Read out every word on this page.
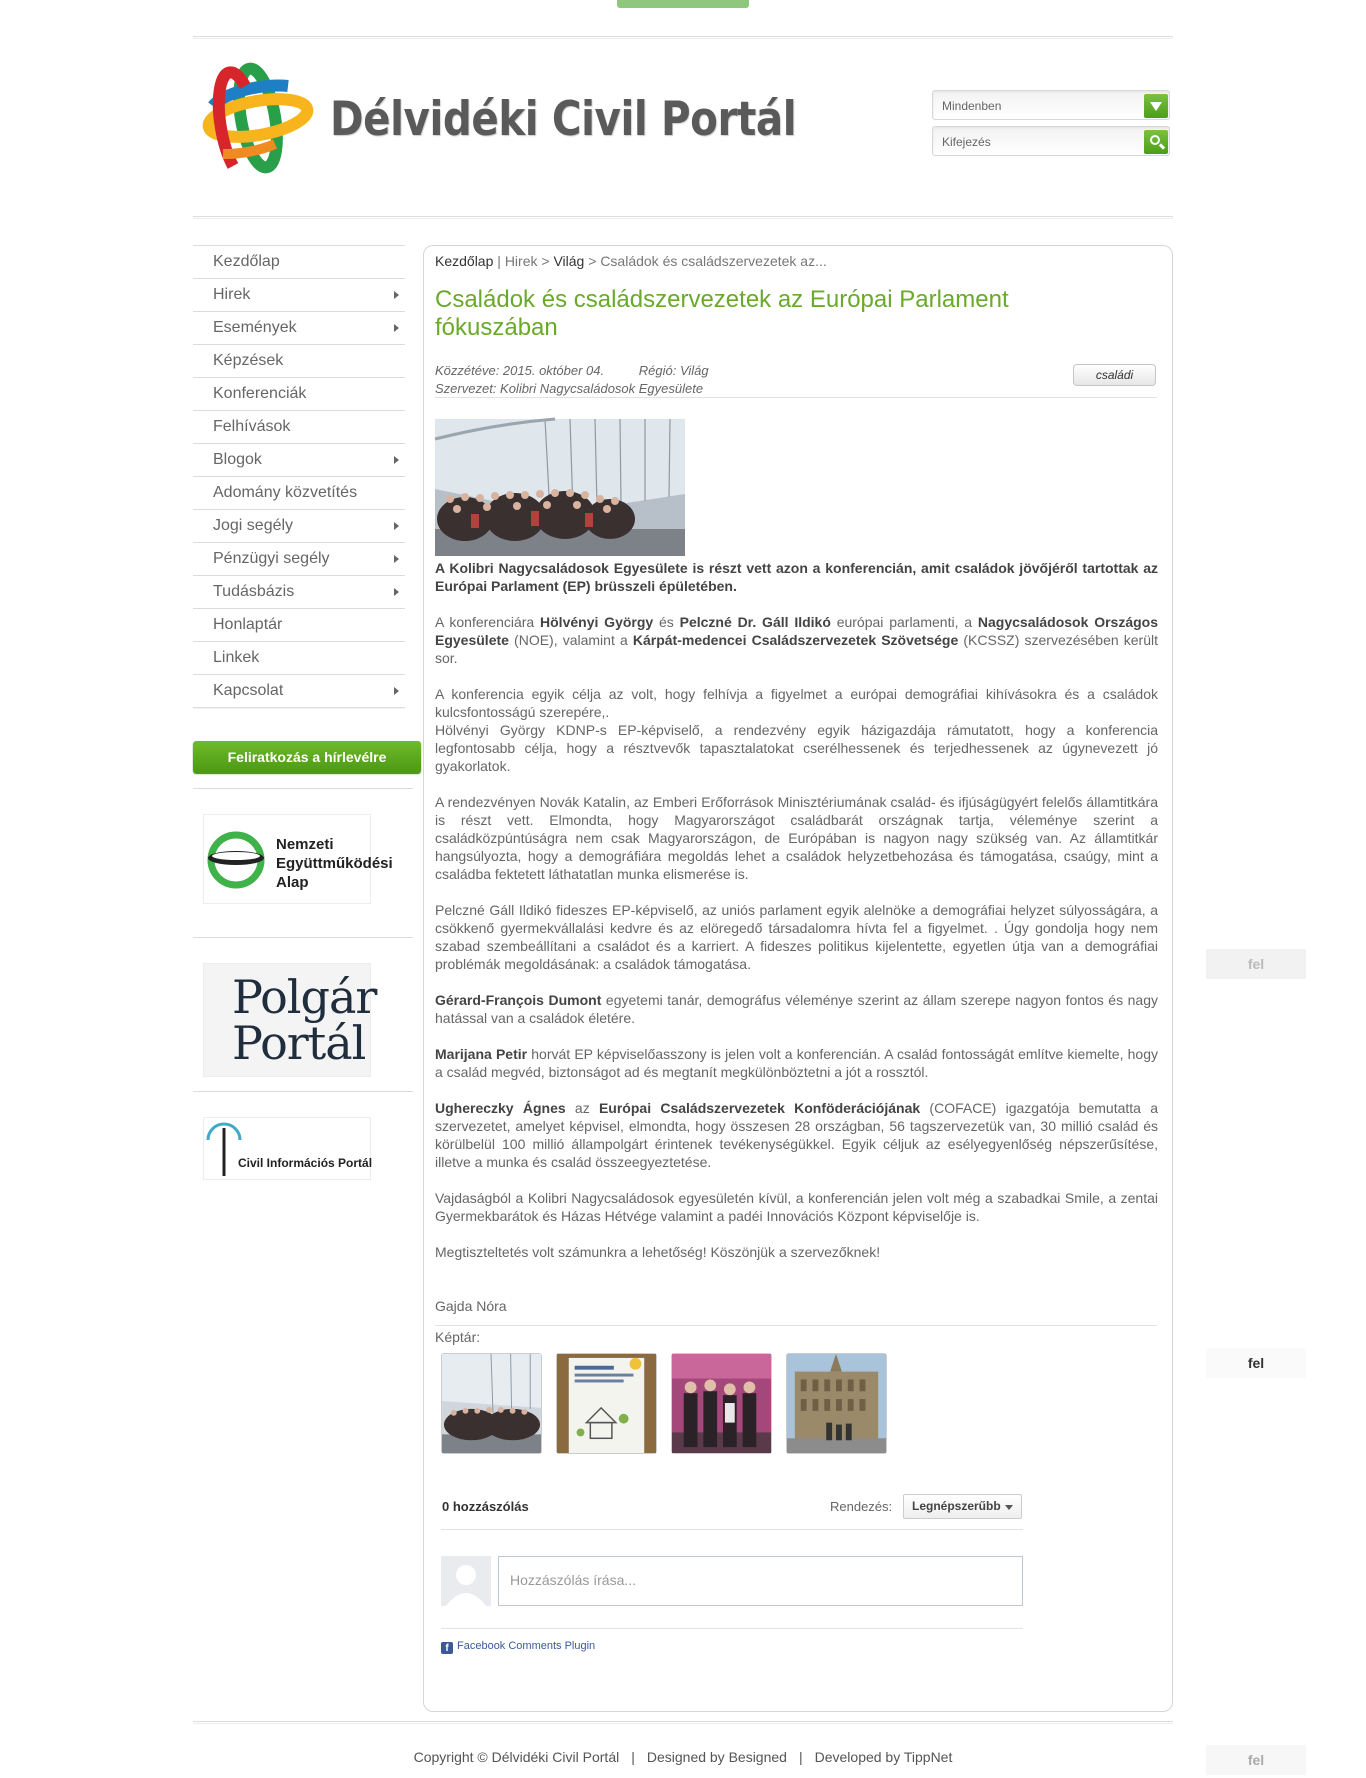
Délvidéki Civil Portál	Mindenben
Kifejezés
Kezdőlap
Hirek
Események
Képzések
Konferenciák
Felhívások
Blogok
Adomány közvetítés
Jogi segély
Pénzügyi segély
Tudásbázis
Honlaptár
Linkek
Kapcsolat
Feliratkozás a hírlevélre
Nemzeti
Együttműködési
Alap
Polgár
Portál
Civil Információs Portál
Kezdőlap | Hirek > Világ > Családok és családszervezetek az...
Családok és családszervezetek az Európai Parlament fókuszában
Közzétéve: 2015. október 04.	Régió: Világ
Szervezet: Kolibri Nagycsaládosok Egyesülete
családi

A Kolibri Nagycsaládosok Egyesülete is részt vett azon a konferencián, amit családok jövőjéről tartottak az Európai Parlament (EP) brüsszeli épületében.

A konferenciára Hölvényi György és Pelczné Dr. Gáll Ildikó európai parlamenti, a Nagycsaládosok Országos Egyesülete (NOE), valamint a Kárpát-medencei Családszervezetek Szövetsége (KCSSZ) szervezésében került sor.

A konferencia egyik célja az volt, hogy felhívja a figyelmet a európai demográfiai kihívásokra és a családok kulcsfontosságú szerepére,.
Hölvényi György KDNP-s EP-képviselő, a rendezvény egyik házigazdája rámutatott, hogy a konferencia legfontosabb célja, hogy a résztvevők tapasztalatokat cserélhessenek és terjedhessenek az úgynevezett jó gyakorlatok.

A rendezvényen Novák Katalin, az Emberi Erőforrások Minisztériumának család- és ifjúságügyért felelős államtitkára is részt vett. Elmondta, hogy Magyarországot családbarát országnak tartja, véleménye szerint a családközpúntúságra nem csak Magyarországon, de Európában is nagyon nagy szükség van. Az államtitkár hangsúlyozta, hogy a demográfiára megoldás lehet a családok helyzetbehozása és támogatása, csaúgy, mint a családba fektetett láthatatlan munka elismerése is.

Pelczné Gáll Ildikó fideszes EP-képviselő, az uniós parlament egyik alelnöke a demográfiai helyzet súlyosságára, a csökkenő gyermekvállalási kedvre és az elöregedő társadalomra hívta fel a figyelmet. . Úgy gondolja hogy nem szabad szembeállítani a családot és a karriert. A fideszes politikus kijelentette, egyetlen útja van a demográfiai problémák megoldásának: a családok támogatása.

Gérard-François Dumont egyetemi tanár, demográfus véleménye szerint az állam szerepe nagyon fontos és nagy hatással van a családok életére.

Marijana Petir horvát EP képviselőasszony is jelen volt a konferencián. A család fontosságát említve kiemelte, hogy a család megvéd, biztonságot ad és megtanít megkülönböztetni a jót a rossztól.

Ughereczky Ágnes az Európai Családszervezetek Konföderációjának (COFACE) igazgatója bemutatta a szervezetet, amelyet képvisel, elmondta, hogy összesen 28 országban, 56 tagszervezetük van, 30 millió család és körülbelül 100 millió állampolgárt érintenek tevékenységükkel. Egyik céljuk az esélyegyenlőség népszerűsítése, illetve a munka és család összeegyeztetése.

Vajdaságból a Kolibri Nagycsaládosok egyesületén kívül, a konferencián jelen volt még a szabadkai Smile, a zentai Gyermekbarátok és Házas Hétvége valamint a padéi Innovációs Központ képviselője is.

Megtiszteltetés volt számunkra a lehetőség! Köszönjük a szervezőknek!

Gajda Nóra
Képtár:
0 hozzászólás	Rendezés:	Legnépszerűbb
Hozzászólás írása...
f Facebook Comments Plugin
Copyright © Délvidéki Civil Portál | Designed by Besigned | Developed by TippNet
fel
fel
fel
